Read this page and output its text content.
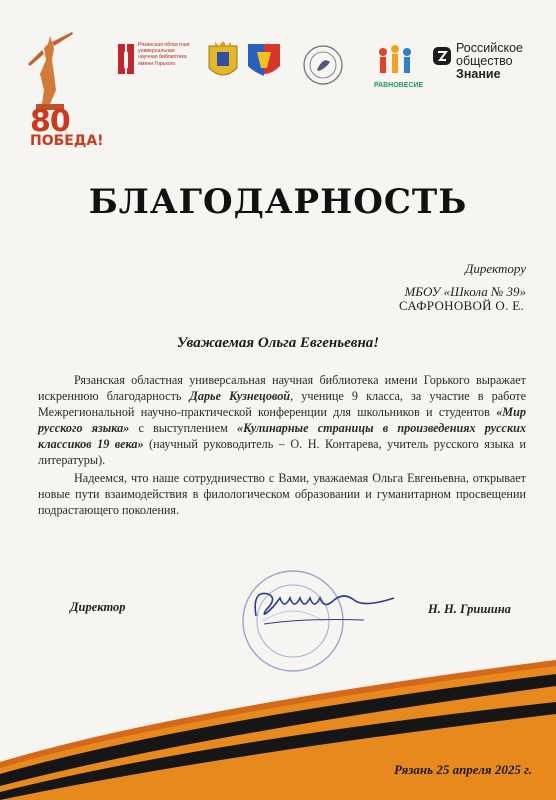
Рязанская областная универсальная научная библиотека имени Горького
РАВНОВЕСИЕ
Российское
общество
Знание
80
ПОБЕДА!
БЛАГОДАРНОСТЬ
Директору
МБОУ «Школа № 39»
САФРОНОВОЙ О. Е.
Уважаемая Ольга Евгеньевна!

Рязанская областная универсальная научная библиотека имени Горького выражает искреннюю благодарность Дарье Кузнецовой, ученице 9 класса, за участие в работе Межрегиональной научно-практической конференции для школьников и студентов «Мир русского языка» с выступлением «Кулинарные страницы в произведениях русских классиков 19 века» (научный руководитель – О. Н. Контарева, учитель русского языка и литературы).

Надеемся, что наше сотрудничество с Вами, уважаемая Ольга Евгеньевна, открывает новые пути взаимодействия в филологическом образовании и гуманитарном просвещении подрастающего поколения.

Директор	Н. Н. Гришина
Рязань 25 апреля 2025 г.
